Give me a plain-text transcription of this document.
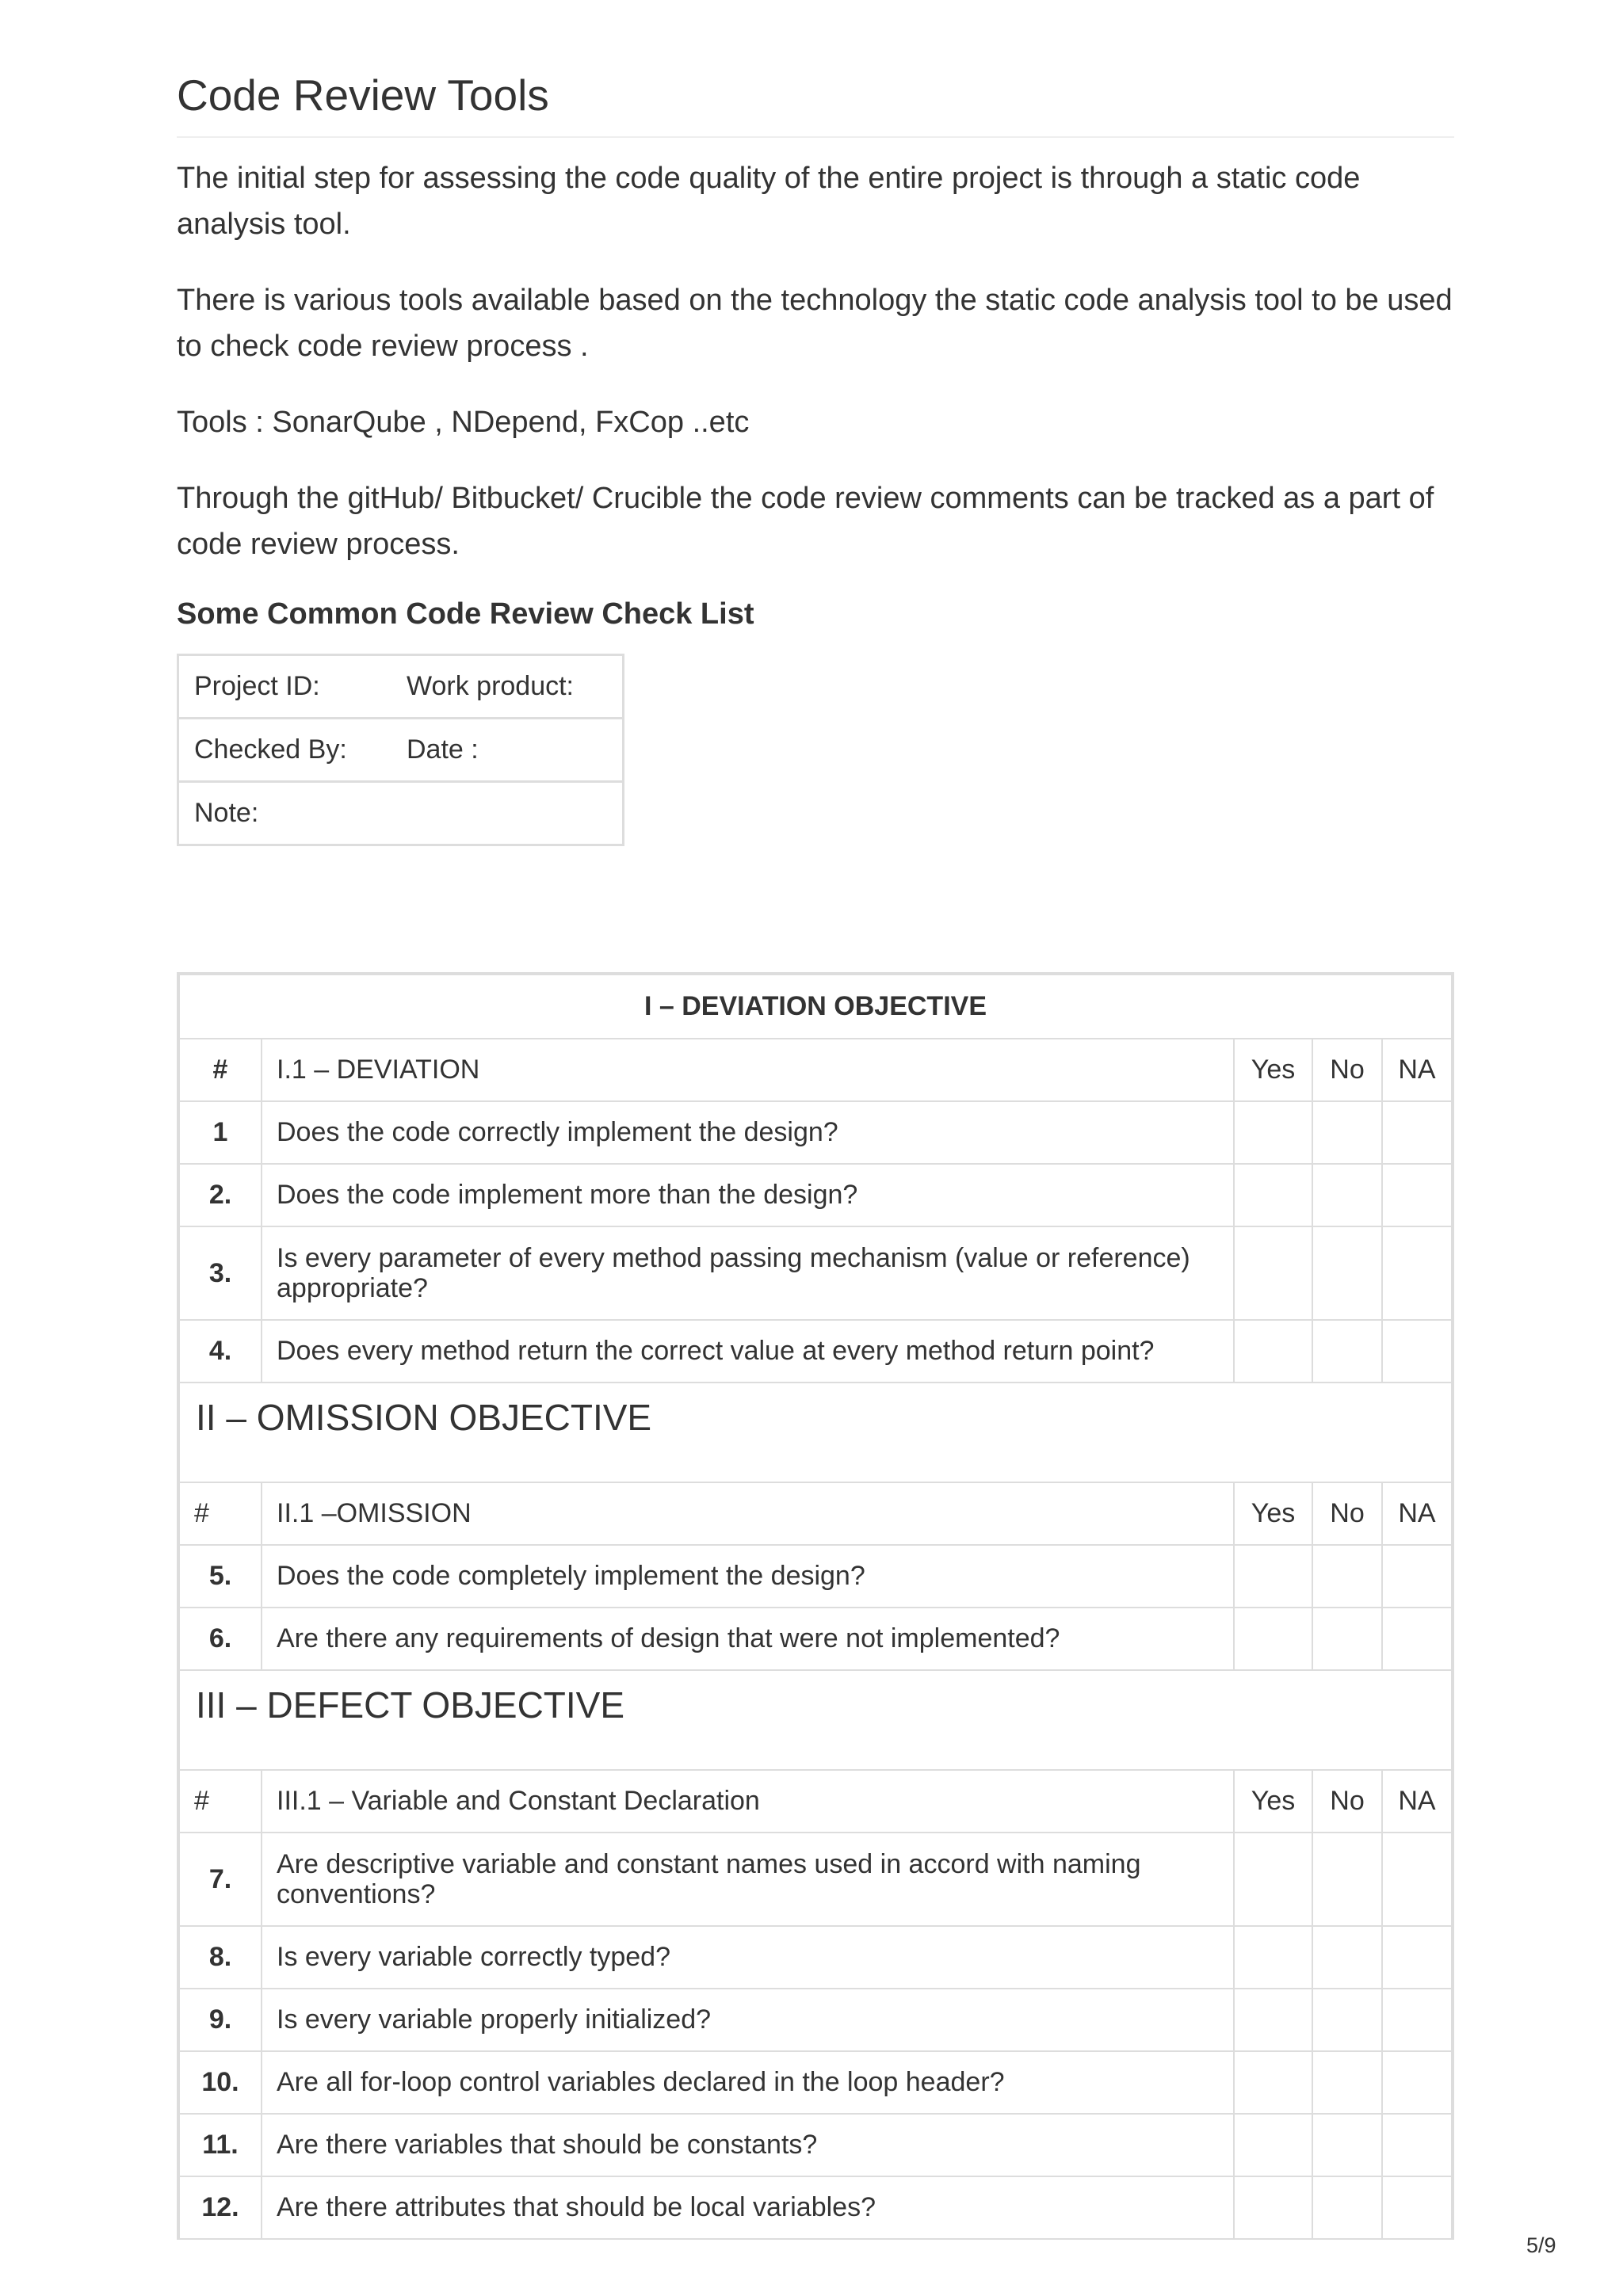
Code Review Tools

The initial step for assessing the code quality of the entire project is through a static code analysis tool.

There is various tools available based on the technology the static code analysis tool to be used to check code review process .

Tools : SonarQube , NDepend, FxCop ..etc

Through the gitHub/ Bitbucket/ Crucible the code review comments can be tracked as a part of code review process.

Some Common Code Review Check List
Project ID:	Work product:
Checked By:	Date :
Note:	
I – DEVIATION OBJECTIVE				
#	I.1 – DEVIATION	Yes	No	NA
1	Does the code correctly implement the design?			
2.	Does the code implement more than the design?			
3.	Is every parameter of every method passing mechanism (value or reference) appropriate?			
4.	Does every method return the correct value at every method return point?			
II – OMISSION OBJECTIVE				
#	II.1 –OMISSION	Yes	No	NA
5.	Does the code completely implement the design?			
6.	Are there any requirements of design that were not implemented?			
III – DEFECT OBJECTIVE				
#	III.1 – Variable and Constant Declaration	Yes	No	NA
7.	Are descriptive variable and constant names used in accord with naming conventions?			
8.	Is every variable correctly typed?			
9.	Is every variable properly initialized?			
10.	Are all for-loop control variables declared in the loop header?			
11.	Are there variables that should be constants?			
12.	Are there attributes that should be local variables?			
5/9
